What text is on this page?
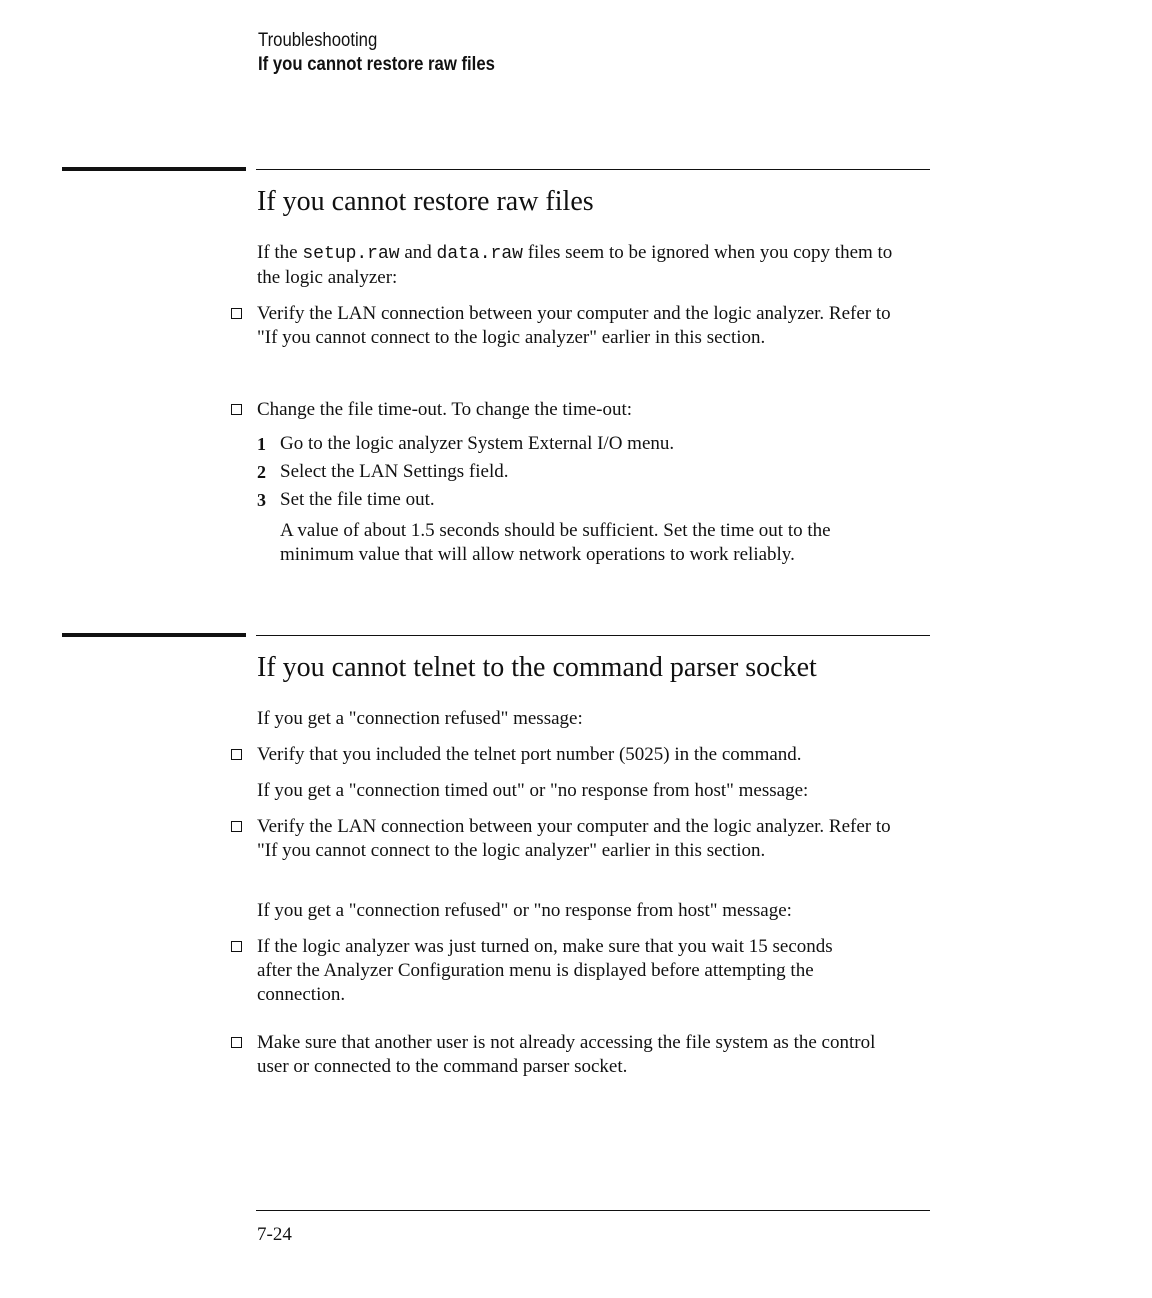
Troubleshooting
If you cannot restore raw files
If you cannot restore raw files
If the setup.raw and data.raw files seem to be ignored when you copy them to the logic analyzer:
Verify the LAN connection between your computer and the logic analyzer. Refer to "If you cannot connect to the logic analyzer" earlier in this section.
Change the file time-out. To change the time-out:
1 Go to the logic analyzer System External I/O menu.
2 Select the LAN Settings field.
3 Set the file time out.
A value of about 1.5 seconds should be sufficient. Set the time out to the minimum value that will allow network operations to work reliably.
If you cannot telnet to the command parser socket
If you get a "connection refused" message:
Verify that you included the telnet port number (5025) in the command.
If you get a "connection timed out" or "no response from host" message:
Verify the LAN connection between your computer and the logic analyzer. Refer to "If you cannot connect to the logic analyzer" earlier in this section.
If you get a "connection refused" or "no response from host" message:
If the logic analyzer was just turned on, make sure that you wait 15 seconds after the Analyzer Configuration menu is displayed before attempting the connection.
Make sure that another user is not already accessing the file system as the control user or connected to the command parser socket.
7-24
